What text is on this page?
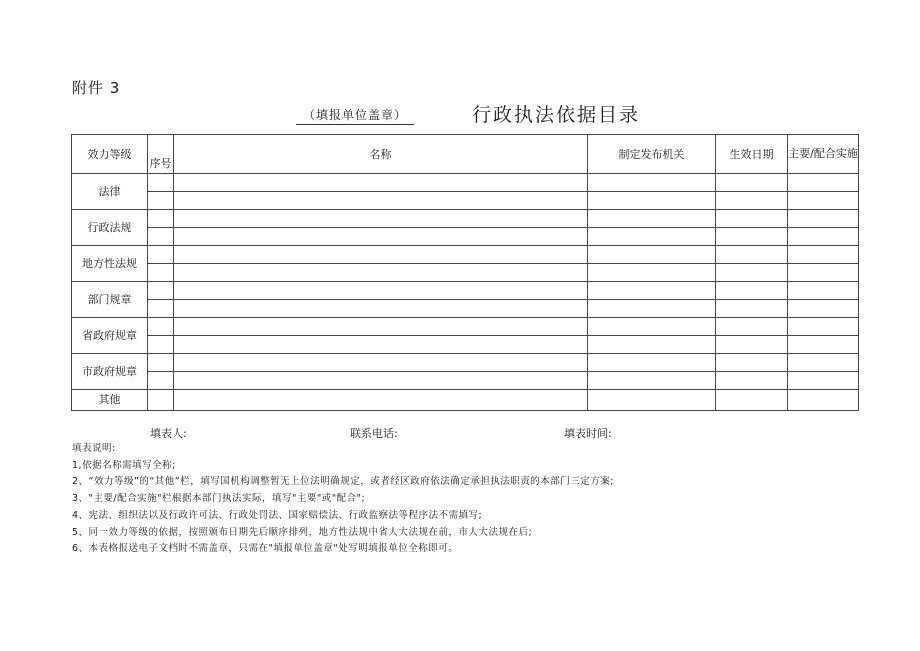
附件 3
（填报单位盖章）	行政执法依据目录
效力等级	序号	名称	制定发布机关	生效日期	主要/配合实施
法律					

行政法规					

地方性法规					

部门规章					

省政府规章					

市政府规章					

其他					
填表人:	联系电话:	填表时间:
填表说明:
1,依据名称需填写全称;
2、“效力等级”的“其他”栏，填写国机构调整暂无上位法明确规定，或者经区政府依法确定承担执法职责的本部门三定方案;
3、"主要/配合实施"栏根据本部门执法实际，填写"主要"或"配合";
4、宪法、组织法以及行政许可法、行政处罚法、国家赔偿法、行政监察法等程序法不需填写;
5、同一效力等级的依据，按照颁布日期先后顺序排列，地方性法规中省人大法规在前，市人大法规在后;
6、本表格报送电子文档时不需盖章，只需在"填报单位盖章"处写明填报单位全称即可。
